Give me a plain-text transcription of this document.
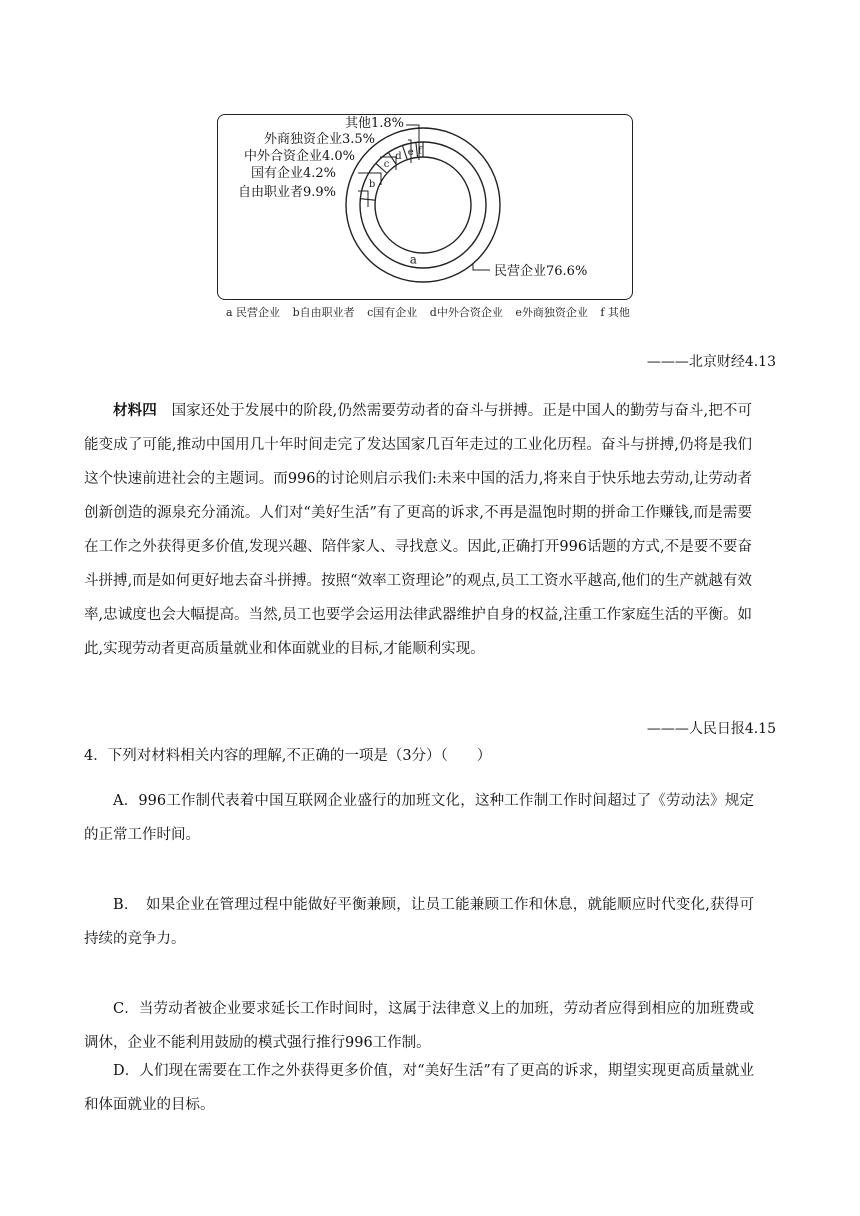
a
b
c
d e f
民营企业76.6%
自由职业者9.9%
国有企业4.2%
中外合资企业4.0%
外商独资企业3.5%
其他1.8%
a 民营企业 b自由职业者 c国有企业 d中外合资企业 e外商独资企业 f 其他
———北京财经4.13
材料四　 国家还处于发展中的阶段,仍然需要劳动者的奋斗与拼搏。正是中国人的勤劳与奋斗,把不可能变成了可能,推动中国用几十年时间走完了发达国家几百年走过的工业化历程。奋斗与拼搏,仍将是我们这个快速前进社会的主题词。而996的讨论则启示我们:未来中国的活力,将来自于快乐地去劳动,让劳动者创新创造的源泉充分涌流。人们对“美好生活”有了更高的诉求,不再是温饱时期的拼命工作赚钱,而是需要在工作之外获得更多价值,发现兴趣、陪伴家人、寻找意义。因此,正确打开996话题的方式,不是要不要奋斗拼搏,而是如何更好地去奋斗拼搏。按照“效率工资理论”的观点,员工工资水平越高,他们的生产就越有效率,忠诚度也会大幅提高。当然,员工也要学会运用法律武器维护自身的权益,注重工作家庭生活的平衡。如此,实现劳动者更高质量就业和体面就业的目标,才能顺利实现。
———人民日报4.15
4．下列对材料相关内容的理解,不正确的一项是（3分）（　　）
A．996工作制代表着中国互联网企业盛行的加班文化，这种工作制工作时间超过了《劳动法》规定的正常工作时间。
B．　如果企业在管理过程中能做好平衡兼顾，让员工能兼顾工作和休息，就能顺应时代变化,获得可持续的竞争力。
C．当劳动者被企业要求延长工作时间时，这属于法律意义上的加班，劳动者应得到相应的加班费或调休，企业不能利用鼓励的模式强行推行996工作制。
D．人们现在需要在工作之外获得更多价值，对“美好生活”有了更高的诉求，期望实现更高质量就业和体面就业的目标。
